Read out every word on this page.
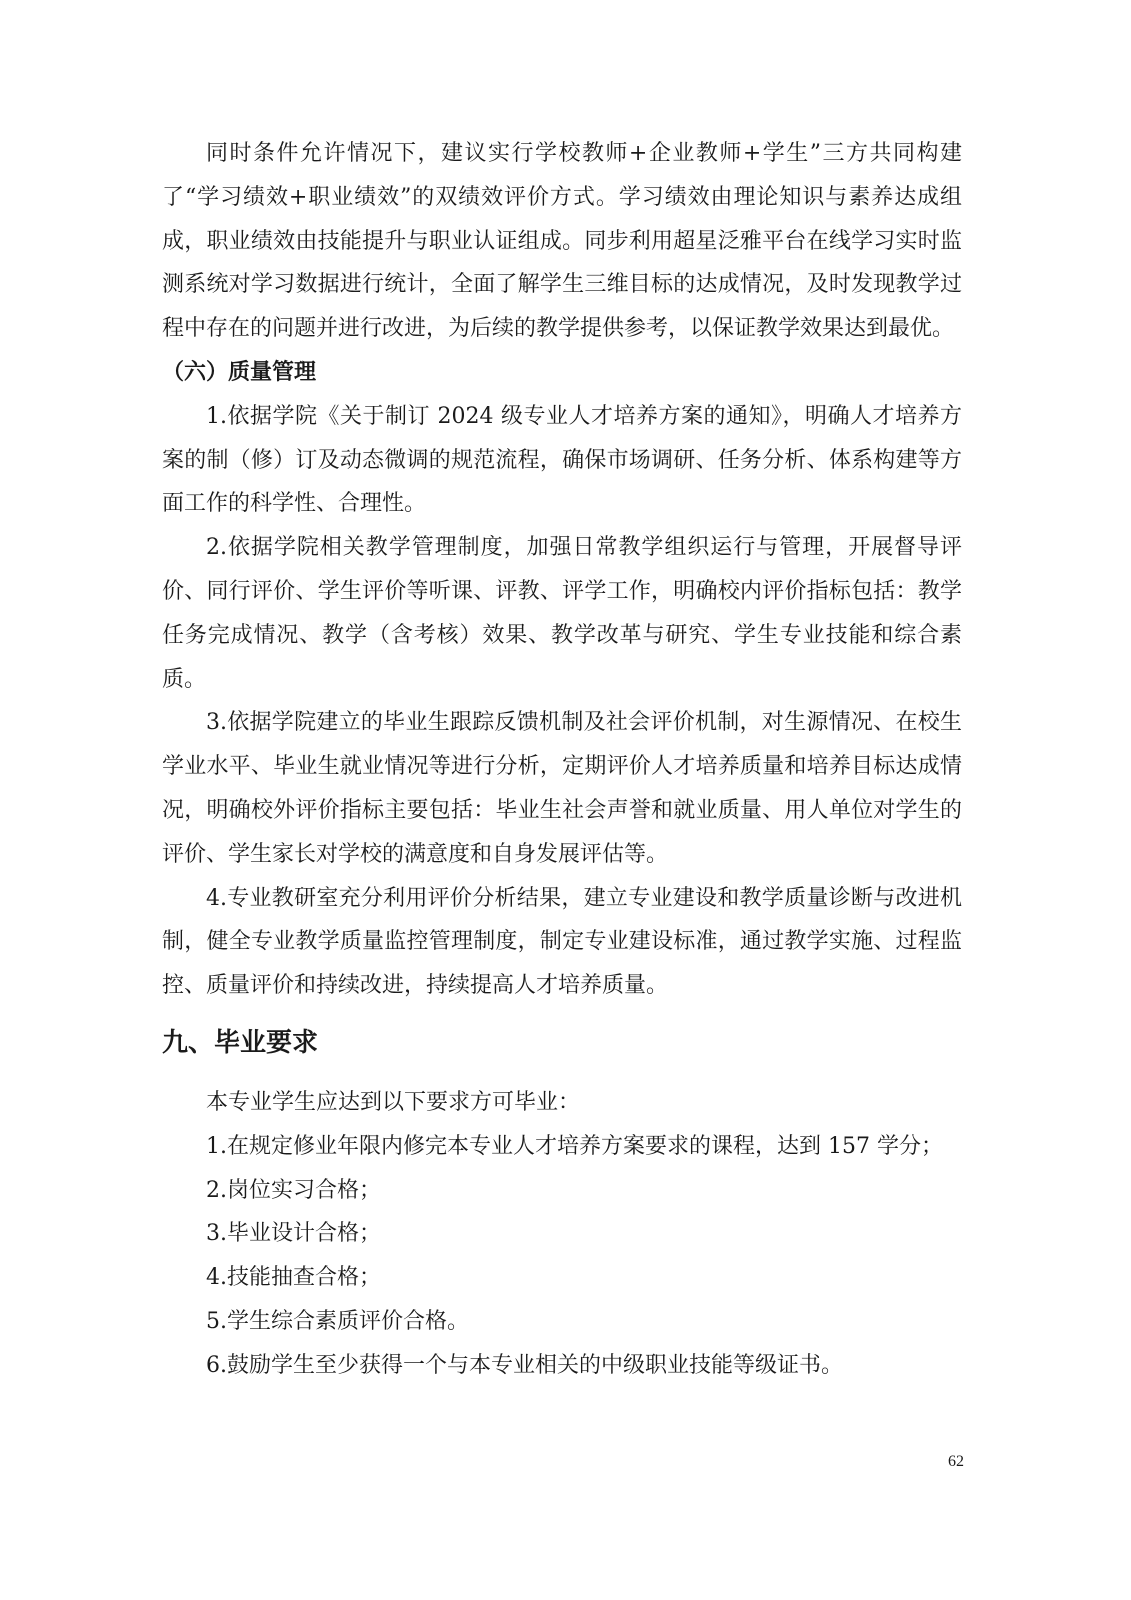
同时条件允许情况下，建议实行学校教师+企业教师+学生”三方共同构建了“学习绩效+职业绩效”的双绩效评价方式。学习绩效由理论知识与素养达成组成，职业绩效由技能提升与职业认证组成。同步利用超星泛雅平台在线学习实时监测系统对学习数据进行统计，全面了解学生三维目标的达成情况，及时发现教学过程中存在的问题并进行改进，为后续的教学提供参考，以保证教学效果达到最优。

（六）质量管理

1.依据学院《关于制订 2024 级专业人才培养方案的通知》，明确人才培养方案的制（修）订及动态微调的规范流程，确保市场调研、任务分析、体系构建等方面工作的科学性、合理性。

2.依据学院相关教学管理制度，加强日常教学组织运行与管理，开展督导评价、同行评价、学生评价等听课、评教、评学工作，明确校内评价指标包括：教学任务完成情况、教学（含考核）效果、教学改革与研究、学生专业技能和综合素质。

3.依据学院建立的毕业生跟踪反馈机制及社会评价机制，对生源情况、在校生学业水平、毕业生就业情况等进行分析，定期评价人才培养质量和培养目标达成情况，明确校外评价指标主要包括：毕业生社会声誉和就业质量、用人单位对学生的评价、学生家长对学校的满意度和自身发展评估等。

4.专业教研室充分利用评价分析结果，建立专业建设和教学质量诊断与改进机制，健全专业教学质量监控管理制度，制定专业建设标准，通过教学实施、过程监控、质量评价和持续改进，持续提高人才培养质量。

九、毕业要求

本专业学生应达到以下要求方可毕业：

1.在规定修业年限内修完本专业人才培养方案要求的课程，达到 157 学分；

2.岗位实习合格；

3.毕业设计合格；

4.技能抽查合格；

5.学生综合素质评价合格。

6.鼓励学生至少获得一个与本专业相关的中级职业技能等级证书。

62
